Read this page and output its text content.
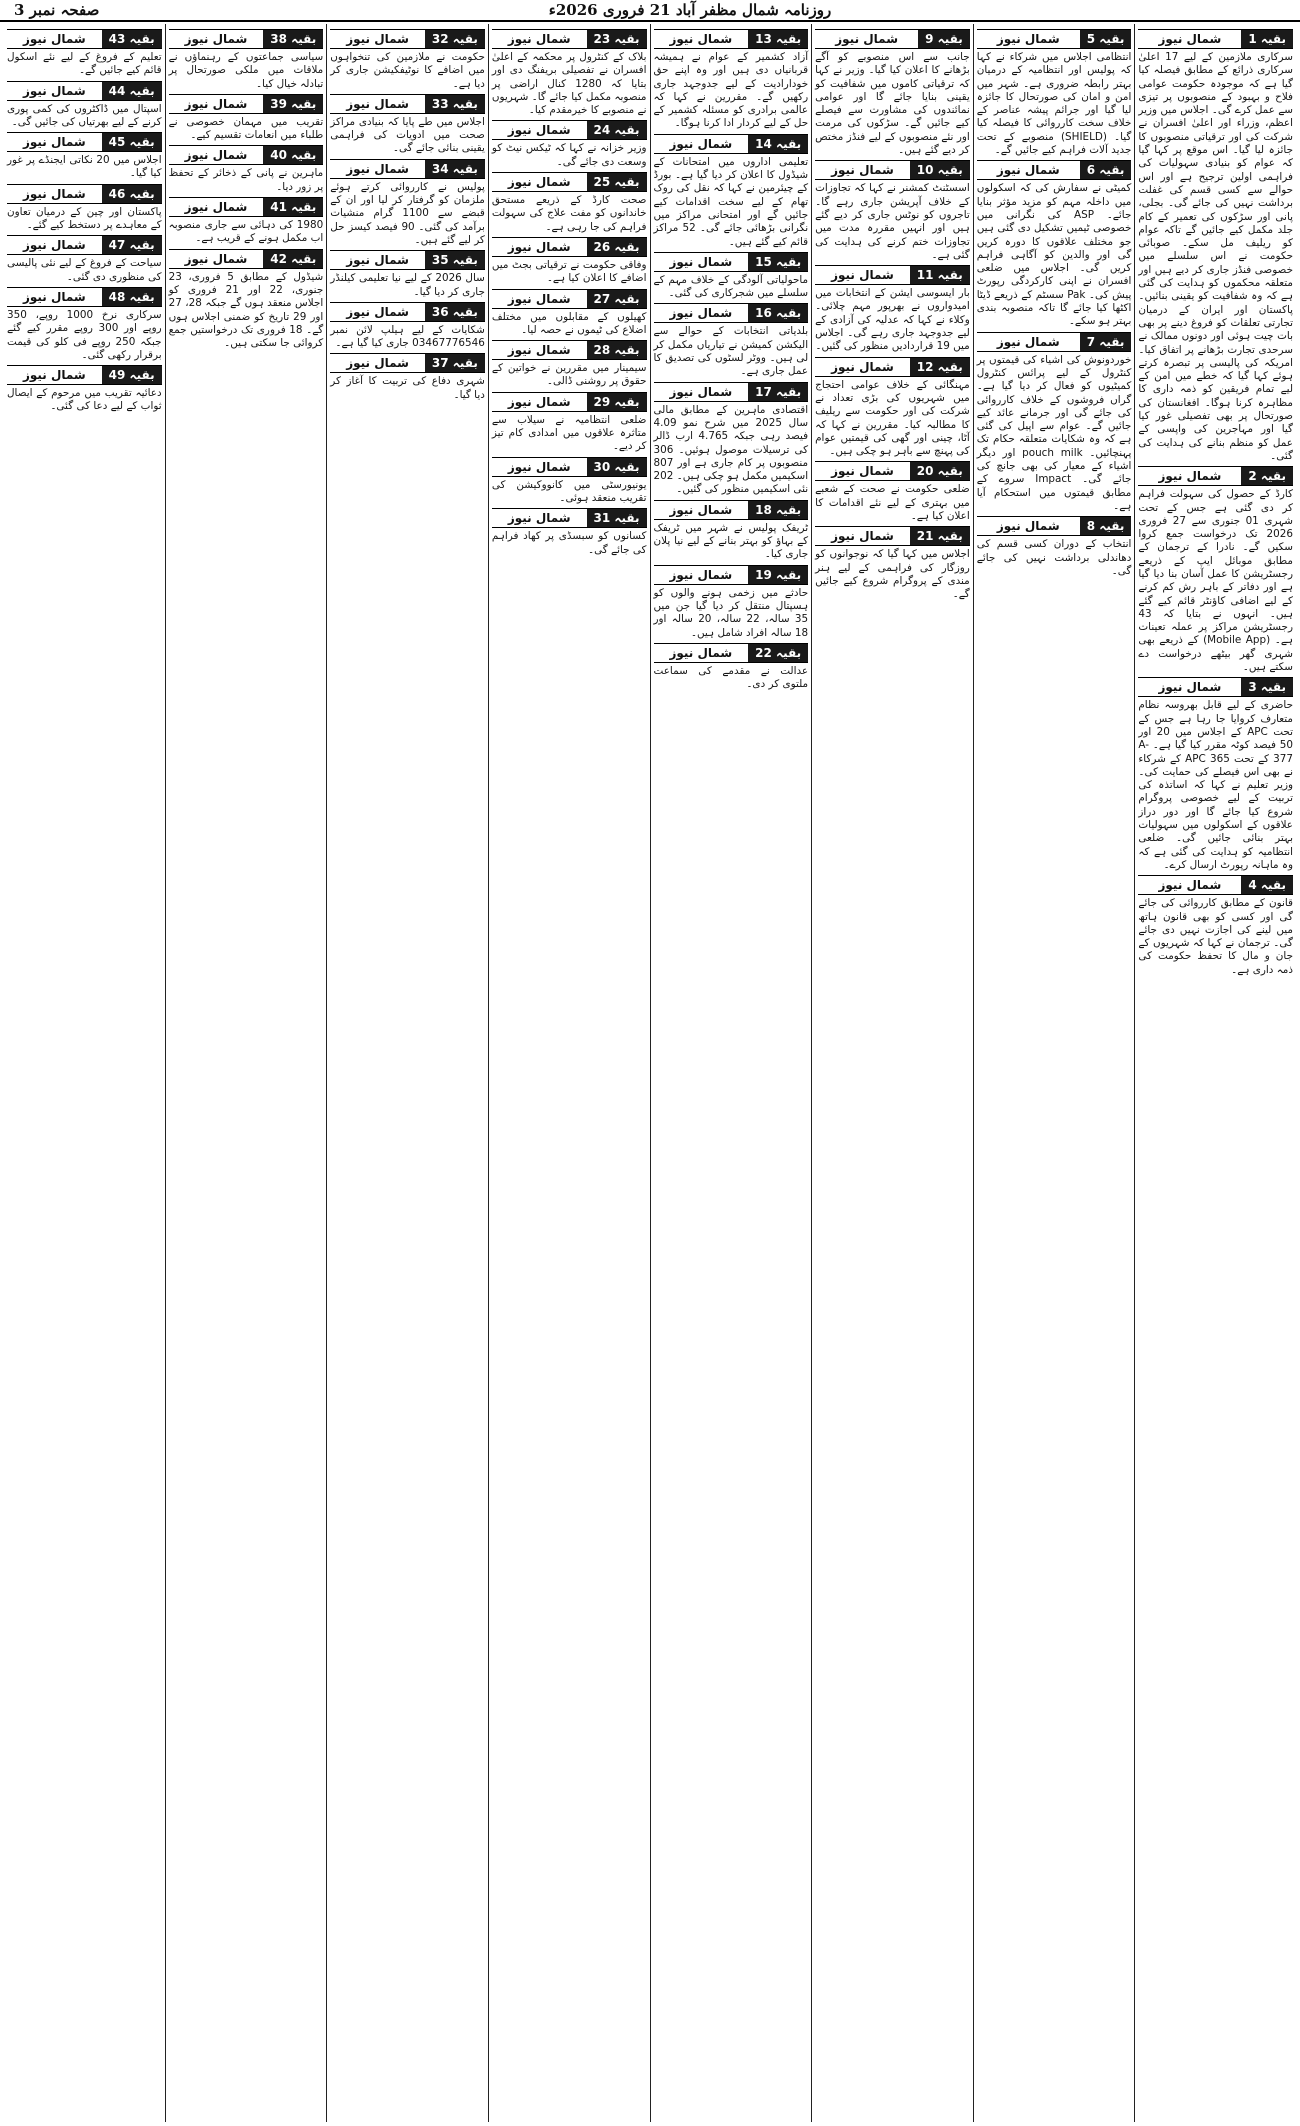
صفحہ نمبر 3	روزنامہ شمال مظفر آباد 21 فروری 2026ء
بقیہ 1
شمال نیوز
سرکاری ملازمین کے لیے 17 اعلیٰ سرکاری ذرائع کے مطابق فیصلہ کیا گیا ہے کہ موجودہ حکومت عوامی فلاح و بہبود کے منصوبوں پر تیزی سے عمل کرے گی۔ اجلاس میں وزیر اعظم، وزراء اور اعلیٰ افسران نے شرکت کی اور ترقیاتی منصوبوں کا جائزہ لیا گیا۔ اس موقع پر کہا گیا کہ عوام کو بنیادی سہولیات کی فراہمی اولین ترجیح ہے اور اس حوالے سے کسی قسم کی غفلت برداشت نہیں کی جائے گی۔ بجلی، پانی اور سڑکوں کی تعمیر کے کام جلد مکمل کیے جائیں گے تاکہ عوام کو ریلیف مل سکے۔ صوبائی حکومت نے اس سلسلے میں خصوصی فنڈز جاری کر دیے ہیں اور متعلقہ محکموں کو ہدایت کی گئی ہے کہ وہ شفافیت کو یقینی بنائیں۔ پاکستان اور ایران کے درمیان تجارتی تعلقات کو فروغ دینے پر بھی بات چیت ہوئی اور دونوں ممالک نے سرحدی تجارت بڑھانے پر اتفاق کیا۔ امریکہ کی پالیسی پر تبصرہ کرتے ہوئے کہا گیا کہ خطے میں امن کے لیے تمام فریقین کو ذمہ داری کا مظاہرہ کرنا ہوگا۔ افغانستان کی صورتحال پر بھی تفصیلی غور کیا گیا اور مہاجرین کی واپسی کے عمل کو منظم بنانے کی ہدایت کی گئی۔
بقیہ 2
شمال نیوز
کارڈ کے حصول کی سہولت فراہم کر دی گئی ہے جس کے تحت شہری 01 جنوری سے 27 فروری 2026 تک درخواست جمع کروا سکیں گے۔ نادرا کے ترجمان کے مطابق موبائل ایپ کے ذریعے رجسٹریشن کا عمل آسان بنا دیا گیا ہے اور دفاتر کے باہر رش کم کرنے کے لیے اضافی کاؤنٹر قائم کیے گئے ہیں۔ انہوں نے بتایا کہ 43 رجسٹریشن مراکز پر عملہ تعینات ہے۔ (Mobile App) کے ذریعے بھی شہری گھر بیٹھے درخواست دے سکتے ہیں۔
بقیہ 3
شمال نیوز
حاضری کے لیے قابل بھروسہ نظام متعارف کروایا جا رہا ہے جس کے تحت APC کے اجلاس میں 20 اور 50 فیصد کوٹہ مقرر کیا گیا ہے۔ A-377 کے تحت 365 APC کے شرکاء نے بھی اس فیصلے کی حمایت کی۔ وزیر تعلیم نے کہا کہ اساتذہ کی تربیت کے لیے خصوصی پروگرام شروع کیا جائے گا اور دور دراز علاقوں کے اسکولوں میں سہولیات بہتر بنائی جائیں گی۔ ضلعی انتظامیہ کو ہدایت کی گئی ہے کہ وہ ماہانہ رپورٹ ارسال کرے۔
بقیہ 4
شمال نیوز
قانون کے مطابق کارروائی کی جائے گی اور کسی کو بھی قانون ہاتھ میں لینے کی اجازت نہیں دی جائے گی۔ ترجمان نے کہا کہ شہریوں کے جان و مال کا تحفظ حکومت کی ذمہ داری ہے۔
بقیہ 5
شمال نیوز
انتظامی اجلاس میں شرکاء نے کہا کہ پولیس اور انتظامیہ کے درمیان بہتر رابطہ ضروری ہے۔ شہر میں امن و امان کی صورتحال کا جائزہ لیا گیا اور جرائم پیشہ عناصر کے خلاف سخت کارروائی کا فیصلہ کیا گیا۔ (SHIELD) منصوبے کے تحت جدید آلات فراہم کیے جائیں گے۔
بقیہ 6
شمال نیوز
کمیٹی نے سفارش کی کہ اسکولوں میں داخلہ مہم کو مزید مؤثر بنایا جائے۔ ASP کی نگرانی میں خصوصی ٹیمیں تشکیل دی گئی ہیں جو مختلف علاقوں کا دورہ کریں گی اور والدین کو آگاہی فراہم کریں گی۔ اجلاس میں ضلعی افسران نے اپنی کارکردگی رپورٹ پیش کی۔ Pak سسٹم کے ذریعے ڈیٹا اکٹھا کیا جائے گا تاکہ منصوبہ بندی بہتر ہو سکے۔
بقیہ 7
شمال نیوز
خوردونوش کی اشیاء کی قیمتوں پر کنٹرول کے لیے پرائس کنٹرول کمیٹیوں کو فعال کر دیا گیا ہے۔ گراں فروشوں کے خلاف کارروائی کی جائے گی اور جرمانے عائد کیے جائیں گے۔ عوام سے اپیل کی گئی ہے کہ وہ شکایات متعلقہ حکام تک پہنچائیں۔ pouch milk اور دیگر اشیاء کے معیار کی بھی جانچ کی جائے گی۔ Impact سروے کے مطابق قیمتوں میں استحکام آیا ہے۔
بقیہ 8
شمال نیوز
انتخاب کے دوران کسی قسم کی دھاندلی برداشت نہیں کی جائے گی۔
بقیہ 9
شمال نیوز
جانب سے اس منصوبے کو آگے بڑھانے کا اعلان کیا گیا۔ وزیر نے کہا کہ ترقیاتی کاموں میں شفافیت کو یقینی بنایا جائے گا اور عوامی نمائندوں کی مشاورت سے فیصلے کیے جائیں گے۔ سڑکوں کی مرمت اور نئے منصوبوں کے لیے فنڈز مختص کر دیے گئے ہیں۔
بقیہ 10
شمال نیوز
اسسٹنٹ کمشنر نے کہا کہ تجاوزات کے خلاف آپریشن جاری رہے گا۔ تاجروں کو نوٹس جاری کر دیے گئے ہیں اور انہیں مقررہ مدت میں تجاوزات ختم کرنے کی ہدایت کی گئی ہے۔
بقیہ 11
شمال نیوز
بار ایسوسی ایشن کے انتخابات میں امیدواروں نے بھرپور مہم چلائی۔ وکلاء نے کہا کہ عدلیہ کی آزادی کے لیے جدوجہد جاری رہے گی۔ اجلاس میں 19 قراردادیں منظور کی گئیں۔
بقیہ 12
شمال نیوز
مہنگائی کے خلاف عوامی احتجاج میں شہریوں کی بڑی تعداد نے شرکت کی اور حکومت سے ریلیف کا مطالبہ کیا۔ مقررین نے کہا کہ آٹا، چینی اور گھی کی قیمتیں عوام کی پہنچ سے باہر ہو چکی ہیں۔
بقیہ 20
شمال نیوز
ضلعی حکومت نے صحت کے شعبے میں بہتری کے لیے نئے اقدامات کا اعلان کیا ہے۔
بقیہ 21
شمال نیوز
اجلاس میں کہا گیا کہ نوجوانوں کو روزگار کی فراہمی کے لیے ہنر مندی کے پروگرام شروع کیے جائیں گے۔
بقیہ 13
شمال نیوز
آزاد کشمیر کے عوام نے ہمیشہ قربانیاں دی ہیں اور وہ اپنے حق خودارادیت کے لیے جدوجہد جاری رکھیں گے۔ مقررین نے کہا کہ عالمی برادری کو مسئلہ کشمیر کے حل کے لیے کردار ادا کرنا ہوگا۔
بقیہ 14
شمال نیوز
تعلیمی اداروں میں امتحانات کے شیڈول کا اعلان کر دیا گیا ہے۔ بورڈ کے چیئرمین نے کہا کہ نقل کی روک تھام کے لیے سخت اقدامات کیے جائیں گے اور امتحانی مراکز میں نگرانی بڑھائی جائے گی۔ 52 مراکز قائم کیے گئے ہیں۔
بقیہ 15
شمال نیوز
ماحولیاتی آلودگی کے خلاف مہم کے سلسلے میں شجرکاری کی گئی۔
بقیہ 16
شمال نیوز
بلدیاتی انتخابات کے حوالے سے الیکشن کمیشن نے تیاریاں مکمل کر لی ہیں۔ ووٹر لسٹوں کی تصدیق کا عمل جاری ہے۔
بقیہ 17
شمال نیوز
اقتصادی ماہرین کے مطابق مالی سال 2025 میں شرح نمو 4.09 فیصد رہی جبکہ 4.765 ارب ڈالر کی ترسیلات موصول ہوئیں۔ 306 منصوبوں پر کام جاری ہے اور 807 اسکیمیں مکمل ہو چکی ہیں۔ 202 نئی اسکیمیں منظور کی گئیں۔
بقیہ 18
شمال نیوز
ٹریفک پولیس نے شہر میں ٹریفک کے بہاؤ کو بہتر بنانے کے لیے نیا پلان جاری کیا۔
بقیہ 19
شمال نیوز
حادثے میں زخمی ہونے والوں کو ہسپتال منتقل کر دیا گیا جن میں 35 سالہ، 22 سالہ، 20 سالہ اور 18 سالہ افراد شامل ہیں۔
بقیہ 22
شمال نیوز
عدالت نے مقدمے کی سماعت ملتوی کر دی۔
بقیہ 23
شمال نیوز
بلاک کے کنٹرول پر محکمہ کے اعلیٰ افسران نے تفصیلی بریفنگ دی اور بتایا کہ 1280 کنال اراضی پر منصوبہ مکمل کیا جائے گا۔ شہریوں نے منصوبے کا خیرمقدم کیا۔
بقیہ 24
شمال نیوز
وزیر خزانہ نے کہا کہ ٹیکس نیٹ کو وسعت دی جائے گی۔
بقیہ 25
شمال نیوز
صحت کارڈ کے ذریعے مستحق خاندانوں کو مفت علاج کی سہولت فراہم کی جا رہی ہے۔
بقیہ 26
شمال نیوز
وفاقی حکومت نے ترقیاتی بجٹ میں اضافے کا اعلان کیا ہے۔
بقیہ 27
شمال نیوز
کھیلوں کے مقابلوں میں مختلف اضلاع کی ٹیموں نے حصہ لیا۔
بقیہ 28
شمال نیوز
سیمینار میں مقررین نے خواتین کے حقوق پر روشنی ڈالی۔
بقیہ 29
شمال نیوز
ضلعی انتظامیہ نے سیلاب سے متاثرہ علاقوں میں امدادی کام تیز کر دیے۔
بقیہ 30
شمال نیوز
یونیورسٹی میں کانووکیشن کی تقریب منعقد ہوئی۔
بقیہ 31
شمال نیوز
کسانوں کو سبسڈی پر کھاد فراہم کی جائے گی۔
بقیہ 32
شمال نیوز
حکومت نے ملازمین کی تنخواہوں میں اضافے کا نوٹیفکیشن جاری کر دیا ہے۔
بقیہ 33
شمال نیوز
اجلاس میں طے پایا کہ بنیادی مراکز صحت میں ادویات کی فراہمی یقینی بنائی جائے گی۔
بقیہ 34
شمال نیوز
پولیس نے کارروائی کرتے ہوئے ملزمان کو گرفتار کر لیا اور ان کے قبضے سے 1100 گرام منشیات برآمد کی گئی۔ 90 فیصد کیسز حل کر لیے گئے ہیں۔
بقیہ 35
شمال نیوز
سال 2026 کے لیے نیا تعلیمی کیلنڈر جاری کر دیا گیا۔
بقیہ 36
شمال نیوز
شکایات کے لیے ہیلپ لائن نمبر 03467776546 جاری کیا گیا ہے۔
بقیہ 37
شمال نیوز
شہری دفاع کی تربیت کا آغاز کر دیا گیا۔
بقیہ 38
شمال نیوز
سیاسی جماعتوں کے رہنماؤں نے ملاقات میں ملکی صورتحال پر تبادلہ خیال کیا۔
بقیہ 39
شمال نیوز
تقریب میں مہمان خصوصی نے طلباء میں انعامات تقسیم کیے۔
بقیہ 40
شمال نیوز
ماہرین نے پانی کے ذخائر کے تحفظ پر زور دیا۔
بقیہ 41
شمال نیوز
1980 کی دہائی سے جاری منصوبہ اب مکمل ہونے کے قریب ہے۔
بقیہ 42
شمال نیوز
شیڈول کے مطابق 5 فروری، 23 جنوری، 22 اور 21 فروری کو اجلاس منعقد ہوں گے جبکہ 28، 27 اور 29 تاریخ کو ضمنی اجلاس ہوں گے۔ 18 فروری تک درخواستیں جمع کروائی جا سکتی ہیں۔
بقیہ 43
شمال نیوز
تعلیم کے فروغ کے لیے نئے اسکول قائم کیے جائیں گے۔
بقیہ 44
شمال نیوز
اسپتال میں ڈاکٹروں کی کمی پوری کرنے کے لیے بھرتیاں کی جائیں گی۔
بقیہ 45
شمال نیوز
اجلاس میں 20 نکاتی ایجنڈے پر غور کیا گیا۔
بقیہ 46
شمال نیوز
پاکستان اور چین کے درمیان تعاون کے معاہدے پر دستخط کیے گئے۔
بقیہ 47
شمال نیوز
سیاحت کے فروغ کے لیے نئی پالیسی کی منظوری دی گئی۔
بقیہ 48
شمال نیوز
سرکاری نرخ 1000 روپے، 350 روپے اور 300 روپے مقرر کیے گئے جبکہ 250 روپے فی کلو کی قیمت برقرار رکھی گئی۔
بقیہ 49
شمال نیوز
دعائیہ تقریب میں مرحوم کے ایصال ثواب کے لیے دعا کی گئی۔
